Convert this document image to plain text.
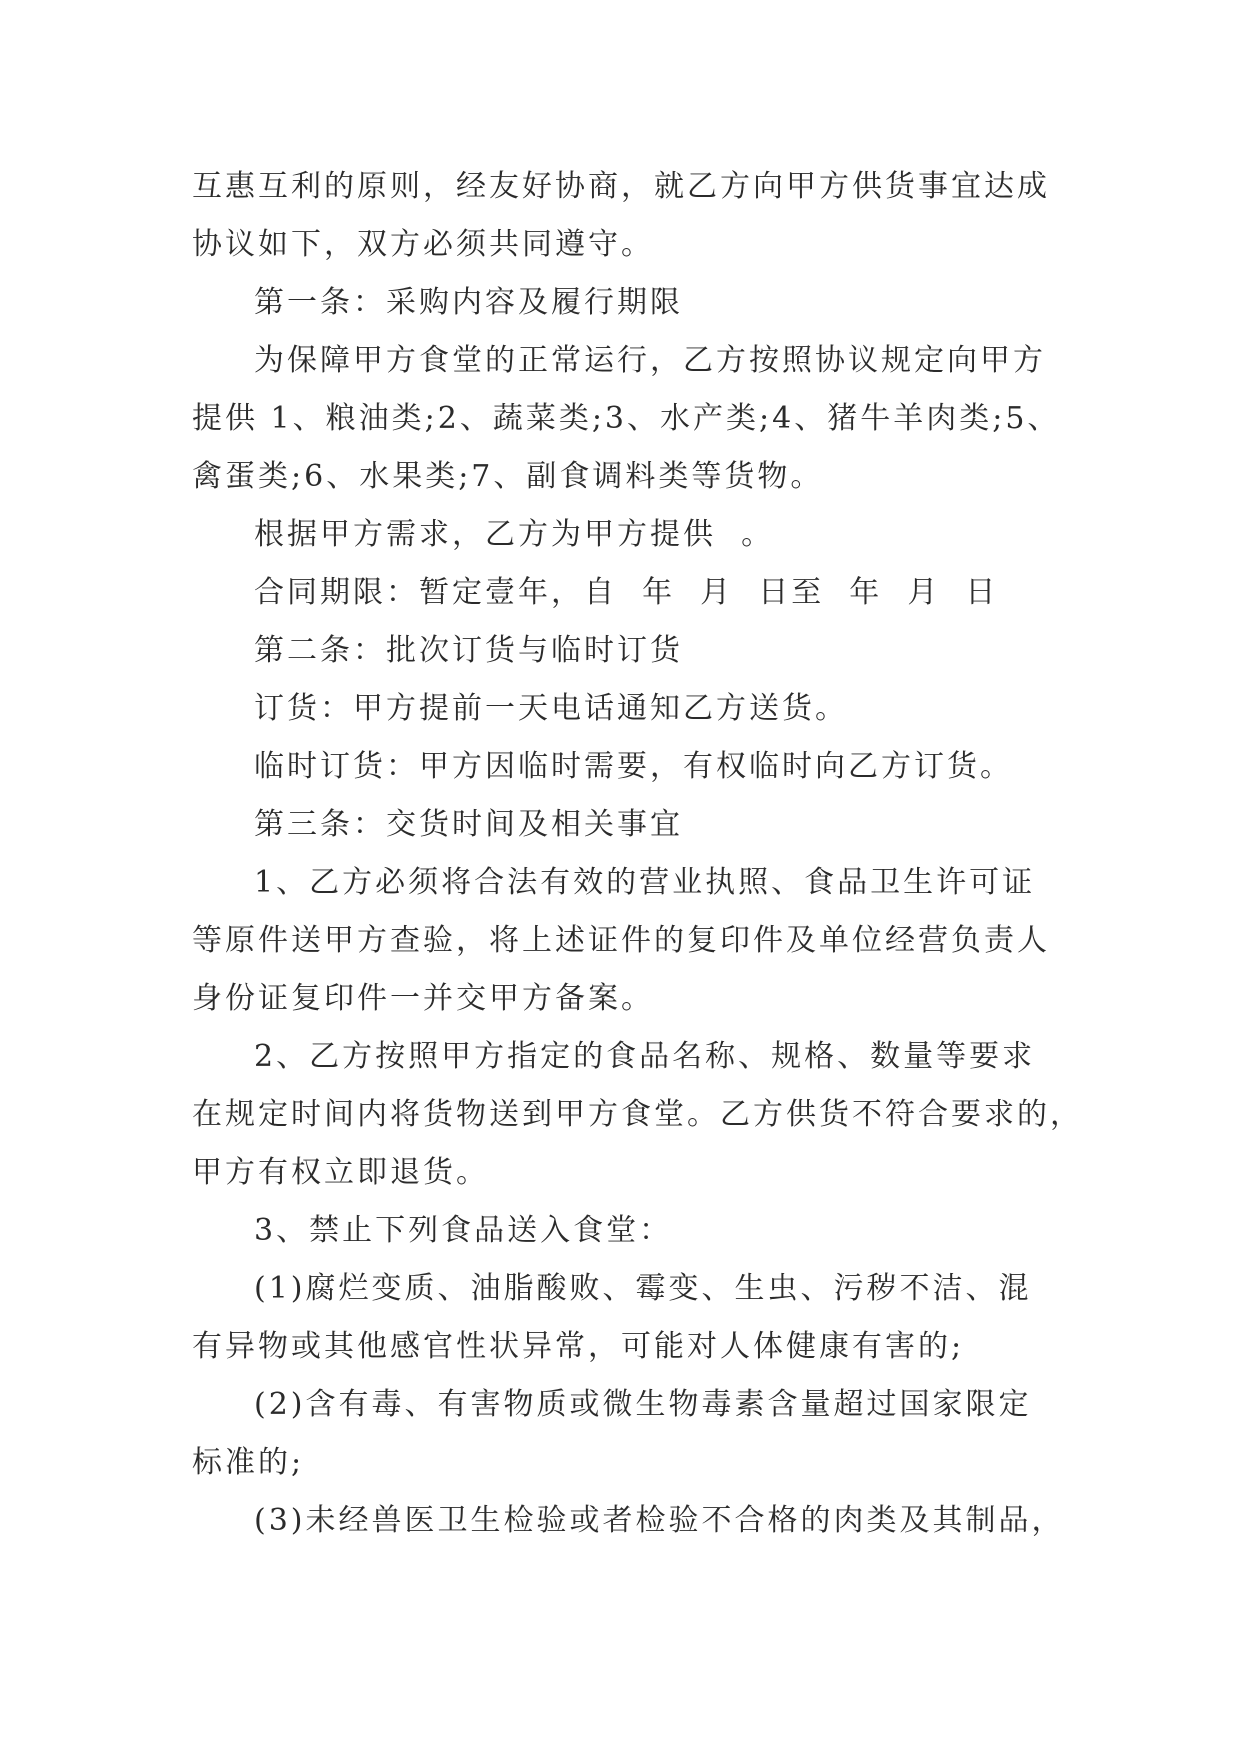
互惠互利的原则，经友好协商，就乙方向甲方供货事宜达成

协议如下，双方必须共同遵守。

第一条：采购内容及履行期限

为保障甲方食堂的正常运行，乙方按照协议规定向甲方

提供 1、粮油类;2、蔬菜类;3、水产类;4、猪牛羊肉类;5、

禽蛋类;6、水果类;7、副食调料类等货物。

根据甲方需求，乙方为甲方提供  。

合同期限：暂定壹年，自  年  月  日至  年  月  日

第二条：批次订货与临时订货

订货：甲方提前一天电话通知乙方送货。

临时订货：甲方因临时需要，有权临时向乙方订货。

第三条：交货时间及相关事宜

1、乙方必须将合法有效的营业执照、食品卫生许可证

等原件送甲方查验，将上述证件的复印件及单位经营负责人

身份证复印件一并交甲方备案。

2、乙方按照甲方指定的食品名称、规格、数量等要求

在规定时间内将货物送到甲方食堂。乙方供货不符合要求的，

甲方有权立即退货。

3、禁止下列食品送入食堂：

(1)腐烂变质、油脂酸败、霉变、生虫、污秽不洁、混

有异物或其他感官性状异常，可能对人体健康有害的;

(2)含有毒、有害物质或微生物毒素含量超过国家限定

标准的;

(3)未经兽医卫生检验或者检验不合格的肉类及其制品，
